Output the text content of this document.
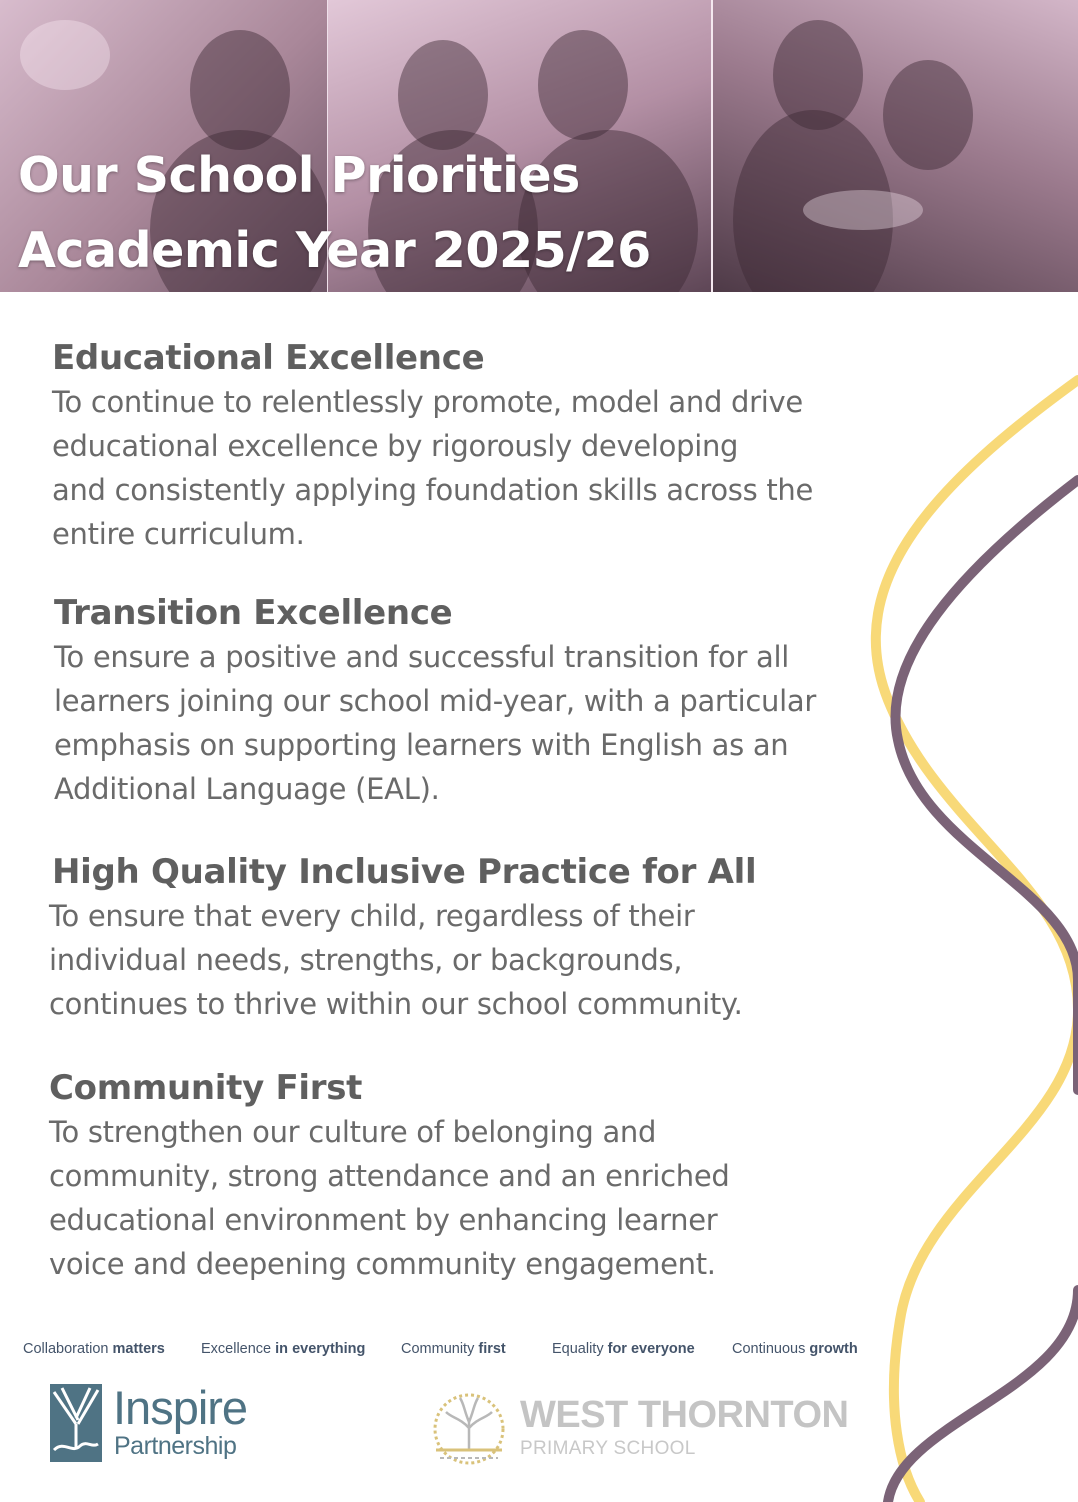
Our School Priorities
Academic Year 2025/26
Educational Excellence

To continue to relentlessly promote, model and drive

educational excellence by rigorously developing

and consistently applying foundation skills across the

entire curriculum.

Transition Excellence

To ensure a positive and successful transition for all

learners joining our school mid-year, with a particular

emphasis on supporting learners with English as an

Additional Language (EAL).

High Quality Inclusive Practice for All

To ensure that every child, regardless of their

individual needs, strengths, or backgrounds,

continues to thrive within our school community.

Community First

To strengthen our culture of belonging and

community, strong attendance and an enriched

educational environment by enhancing learner

voice and deepening community engagement.

Collaboration matters Excellence in everything Community first	Equality for everyone	Continuous growth

Inspire

Partnership

WEST THORNTON

PRIMARY SCHOOL
